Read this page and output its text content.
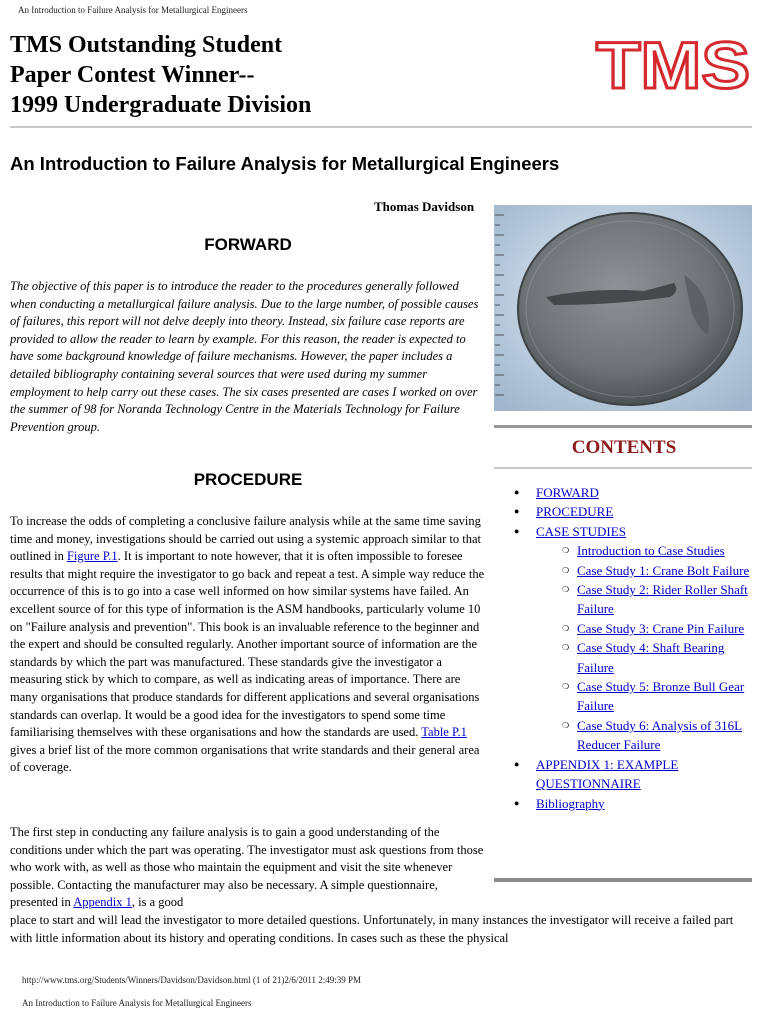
An Introduction to Failure Analysis for Metallurgical Engineers
TMS Outstanding Student
Paper Contest Winner--
1999 Undergraduate Division
TMS
An Introduction to Failure Analysis for Metallurgical Engineers
Thomas Davidson
FORWARD
The objective of this paper is to introduce the reader to the procedures generally followed when conducting a metallurgical failure analysis. Due to the large number, of possible causes of failures, this report will not delve deeply into theory. Instead, six failure case reports are provided to allow the reader to learn by example. For this reason, the reader is expected to have some background knowledge of failure mechanisms. However, the paper includes a detailed bibliography containing several sources that were used during my summer employment to help carry out these cases. The six cases presented are cases I worked on over the summer of 98 for Noranda Technology Centre in the Materials Technology for Failure Prevention group.
PROCEDURE
To increase the odds of completing a conclusive failure analysis while at the same time saving time and money, investigations should be carried out using a systemic approach similar to that outlined in Figure P.1. It is important to note however, that it is often impossible to foresee results that might require the investigator to go back and repeat a test. A simple way reduce the occurrence of this is to go into a case well informed on how similar systems have failed. An excellent source of for this type of information is the ASM handbooks, particularly volume 10 on "Failure analysis and prevention". This book is an invaluable reference to the beginner and the expert and should be consulted regularly. Another important source of information are the standards by which the part was manufactured. These standards give the investigator a measuring stick by which to compare, as well as indicating areas of importance. There are many organisations that produce standards for different applications and several organisations standards can overlap. It would be a good idea for the investigators to spend some time familiarising themselves with these organisations and how the standards are used. Table P.1 gives a brief list of the more common organisations that write standards and their general area of coverage.
The first step in conducting any failure analysis is to gain a good understanding of the conditions under which the part was operating. The investigator must ask questions from those who work with, as well as those who maintain the equipment and visit the site whenever possible. Contacting the manufacturer may also be necessary. A simple questionnaire, presented in Appendix 1, is a good
place to start and will lead the investigator to more detailed questions. Unfortunately, in many instances the investigator will receive a failed part with little information about its history and operating conditions. In cases such as these the physical
CONTENTS
● FORWARD
● PROCEDURE
● CASE STUDIES
❍ Introduction to Case Studies
❍ Case Study 1: Crane Bolt Failure
❍ Case Study 2: Rider Roller Shaft Failure
❍ Case Study 3: Crane Pin Failure
❍ Case Study 4: Shaft Bearing Failure
❍ Case Study 5: Bronze Bull Gear Failure
❍ Case Study 6: Analysis of 316L Reducer Failure
● APPENDIX 1: EXAMPLE QUESTIONNAIRE
● Bibliography
http://www.tms.org/Students/Winners/Davidson/Davidson.html (1 of 21)2/6/2011 2:49:39 PM
An Introduction to Failure Analysis for Metallurgical Engineers
